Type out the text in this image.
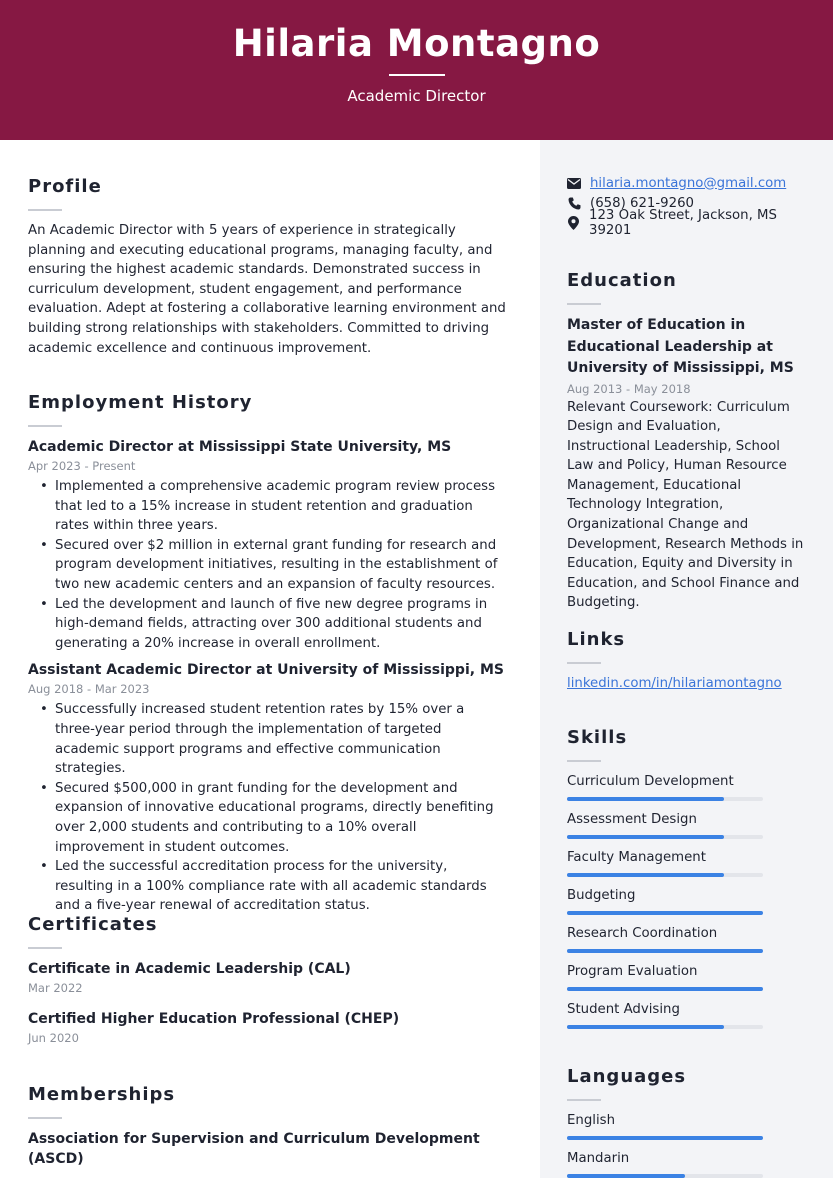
Hilaria Montagno
Academic Director
Profile
An Academic Director with 5 years of experience in strategically planning and executing educational programs, managing faculty, and ensuring the highest academic standards. Demonstrated success in curriculum development, student engagement, and performance evaluation. Adept at fostering a collaborative learning environment and building strong relationships with stakeholders. Committed to driving academic excellence and continuous improvement.
Employment History
Academic Director at Mississippi State University, MS
Apr 2023 - Present
• Implemented a comprehensive academic program review process that led to a 15% increase in student retention and graduation rates within three years.
• Secured over $2 million in external grant funding for research and program development initiatives, resulting in the establishment of two new academic centers and an expansion of faculty resources.
• Led the development and launch of five new degree programs in high-demand fields, attracting over 300 additional students and generating a 20% increase in overall enrollment.
Assistant Academic Director at University of Mississippi, MS
Aug 2018 - Mar 2023
• Successfully increased student retention rates by 15% over a three-year period through the implementation of targeted academic support programs and effective communication strategies.
• Secured $500,000 in grant funding for the development and expansion of innovative educational programs, directly benefiting over 2,000 students and contributing to a 10% overall improvement in student outcomes.
• Led the successful accreditation process for the university, resulting in a 100% compliance rate with all academic standards and a five-year renewal of accreditation status.
Certificates
Certificate in Academic Leadership (CAL)
Mar 2022
Certified Higher Education Professional (CHEP)
Jun 2020
Memberships
Association for Supervision and Curriculum Development (ASCD)
hilaria.montagno@gmail.com
(658) 621-9260
123 Oak Street, Jackson, MS 39201
Education
Master of Education in Educational Leadership at University of Mississippi, MS
Aug 2013 - May 2018
Relevant Coursework: Curriculum Design and Evaluation, Instructional Leadership, School Law and Policy, Human Resource Management, Educational Technology Integration, Organizational Change and Development, Research Methods in Education, Equity and Diversity in Education, and School Finance and Budgeting.
Links
linkedin.com/in/hilariamontagno
Skills
Curriculum Development
Assessment Design
Faculty Management
Budgeting
Research Coordination
Program Evaluation
Student Advising
Languages
English
Mandarin
